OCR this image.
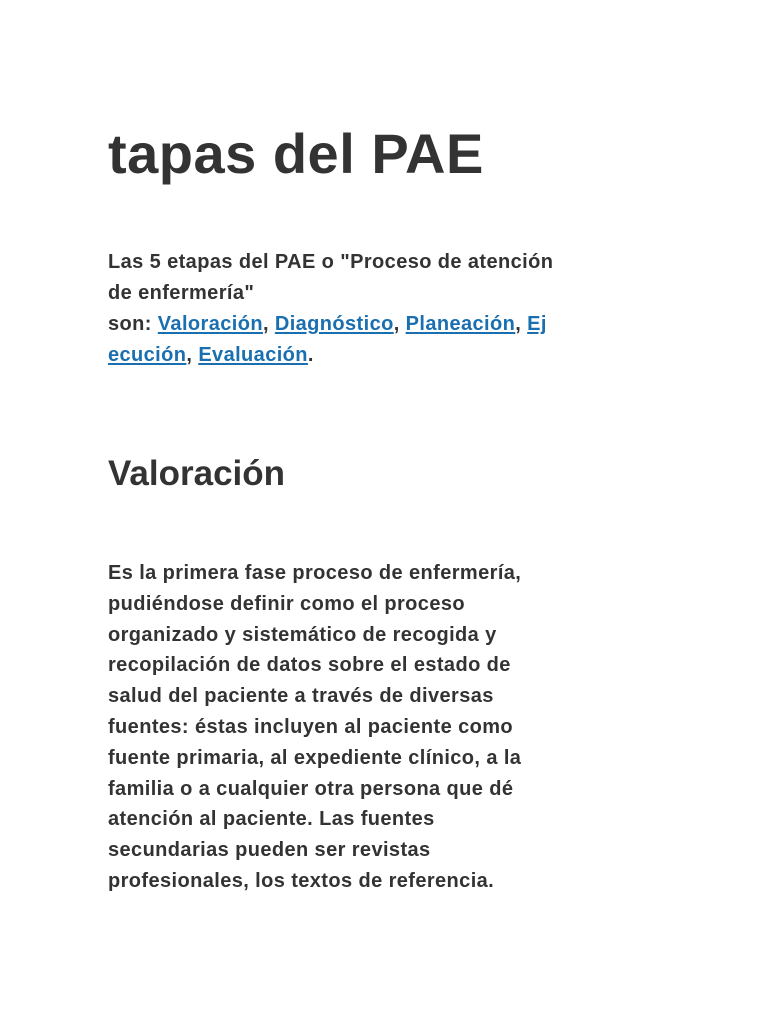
tapas del PAE

Las 5 etapas del PAE o "Proceso de atención
de enfermería"
son: Valoración, Diagnóstico, Planeación, Ej
ecución, Evaluación.

Valoración

Es la primera fase proceso de enfermería,
pudiéndose definir como el proceso
organizado y sistemático de recogida y
recopilación de datos sobre el estado de
salud del paciente a través de diversas
fuentes: éstas incluyen al paciente como
fuente primaria, al expediente clínico, a la
familia o a cualquier otra persona que dé
atención al paciente. Las fuentes
secundarias pueden ser revistas
profesionales, los textos de referencia.
